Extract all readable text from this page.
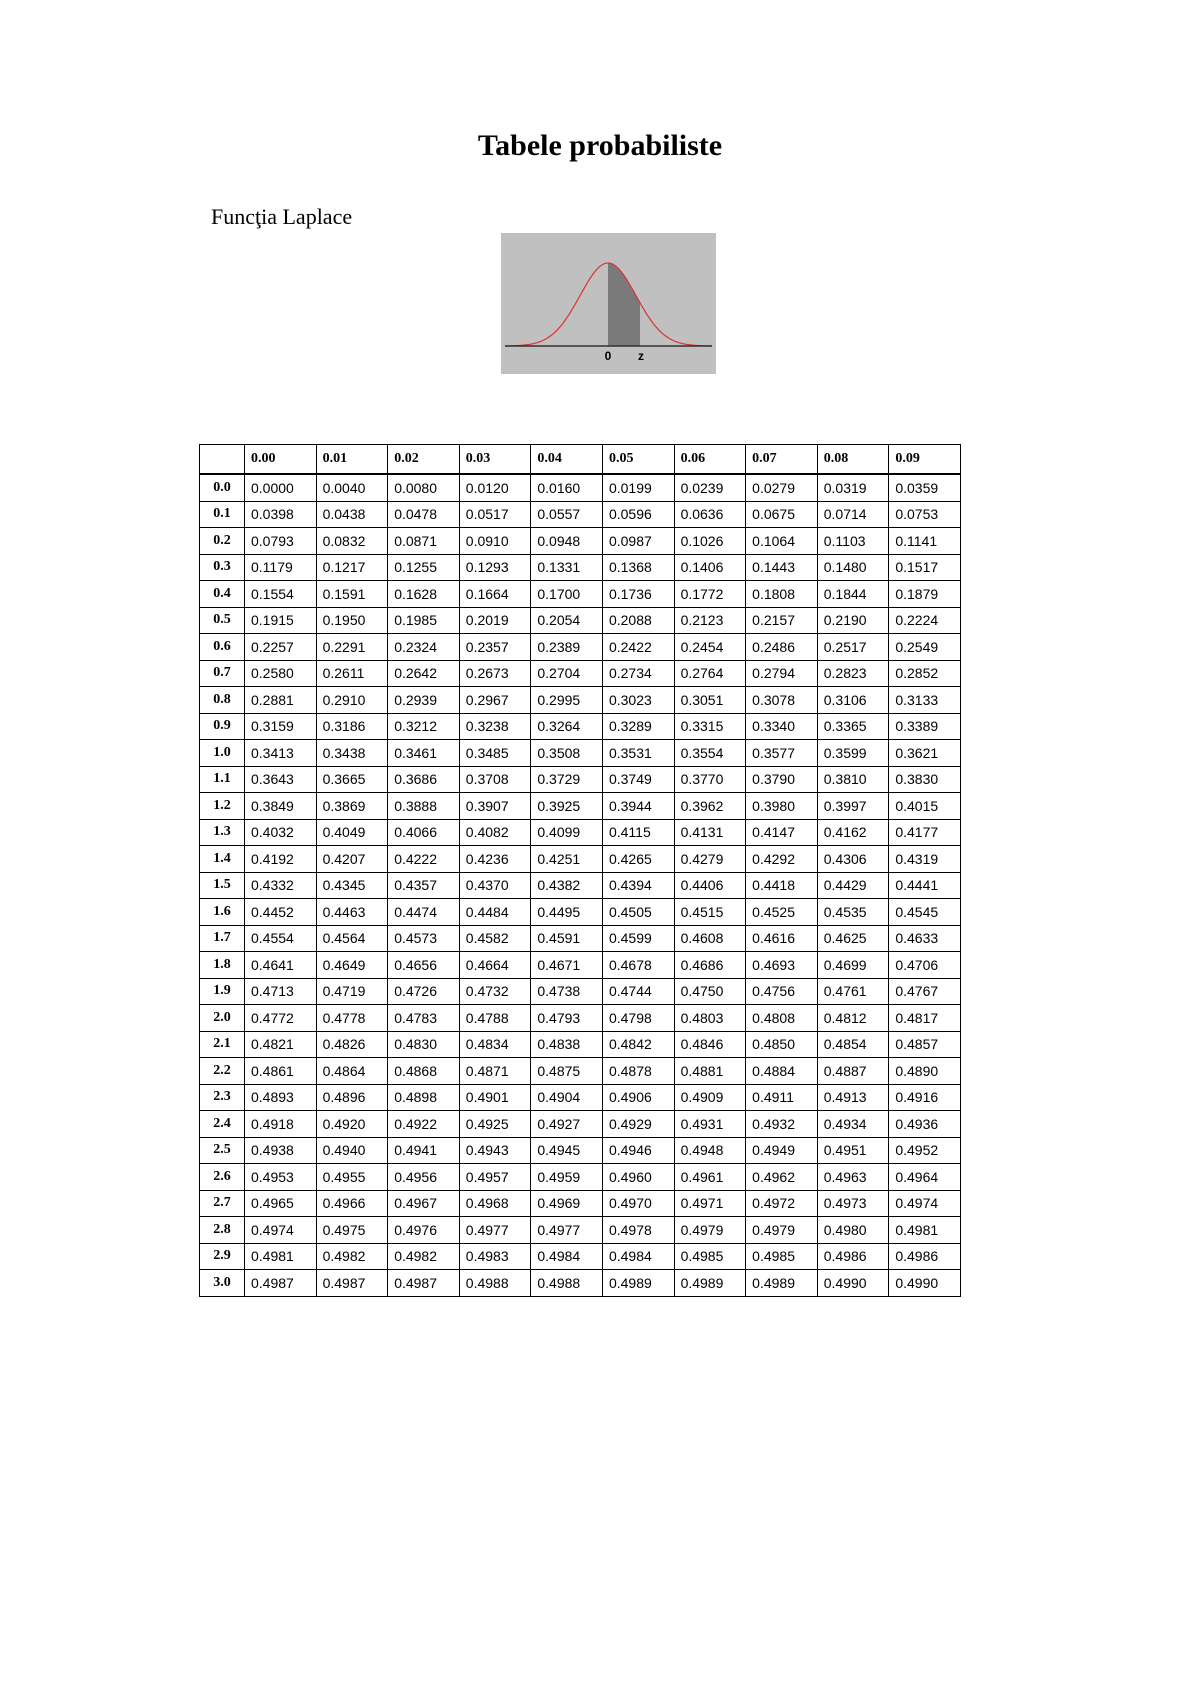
Tabele probabiliste
Funcţia Laplace
0 z
	0.00	0.01	0.02	0.03	0.04	0.05	0.06	0.07	0.08	0.09
0.0	0.0000	0.0040	0.0080	0.0120	0.0160	0.0199	0.0239	0.0279	0.0319	0.0359
0.1	0.0398	0.0438	0.0478	0.0517	0.0557	0.0596	0.0636	0.0675	0.0714	0.0753
0.2	0.0793	0.0832	0.0871	0.0910	0.0948	0.0987	0.1026	0.1064	0.1103	0.1141
0.3	0.1179	0.1217	0.1255	0.1293	0.1331	0.1368	0.1406	0.1443	0.1480	0.1517
0.4	0.1554	0.1591	0.1628	0.1664	0.1700	0.1736	0.1772	0.1808	0.1844	0.1879
0.5	0.1915	0.1950	0.1985	0.2019	0.2054	0.2088	0.2123	0.2157	0.2190	0.2224
0.6	0.2257	0.2291	0.2324	0.2357	0.2389	0.2422	0.2454	0.2486	0.2517	0.2549
0.7	0.2580	0.2611	0.2642	0.2673	0.2704	0.2734	0.2764	0.2794	0.2823	0.2852
0.8	0.2881	0.2910	0.2939	0.2967	0.2995	0.3023	0.3051	0.3078	0.3106	0.3133
0.9	0.3159	0.3186	0.3212	0.3238	0.3264	0.3289	0.3315	0.3340	0.3365	0.3389
1.0	0.3413	0.3438	0.3461	0.3485	0.3508	0.3531	0.3554	0.3577	0.3599	0.3621
1.1	0.3643	0.3665	0.3686	0.3708	0.3729	0.3749	0.3770	0.3790	0.3810	0.3830
1.2	0.3849	0.3869	0.3888	0.3907	0.3925	0.3944	0.3962	0.3980	0.3997	0.4015
1.3	0.4032	0.4049	0.4066	0.4082	0.4099	0.4115	0.4131	0.4147	0.4162	0.4177
1.4	0.4192	0.4207	0.4222	0.4236	0.4251	0.4265	0.4279	0.4292	0.4306	0.4319
1.5	0.4332	0.4345	0.4357	0.4370	0.4382	0.4394	0.4406	0.4418	0.4429	0.4441
1.6	0.4452	0.4463	0.4474	0.4484	0.4495	0.4505	0.4515	0.4525	0.4535	0.4545
1.7	0.4554	0.4564	0.4573	0.4582	0.4591	0.4599	0.4608	0.4616	0.4625	0.4633
1.8	0.4641	0.4649	0.4656	0.4664	0.4671	0.4678	0.4686	0.4693	0.4699	0.4706
1.9	0.4713	0.4719	0.4726	0.4732	0.4738	0.4744	0.4750	0.4756	0.4761	0.4767
2.0	0.4772	0.4778	0.4783	0.4788	0.4793	0.4798	0.4803	0.4808	0.4812	0.4817
2.1	0.4821	0.4826	0.4830	0.4834	0.4838	0.4842	0.4846	0.4850	0.4854	0.4857
2.2	0.4861	0.4864	0.4868	0.4871	0.4875	0.4878	0.4881	0.4884	0.4887	0.4890
2.3	0.4893	0.4896	0.4898	0.4901	0.4904	0.4906	0.4909	0.4911	0.4913	0.4916
2.4	0.4918	0.4920	0.4922	0.4925	0.4927	0.4929	0.4931	0.4932	0.4934	0.4936
2.5	0.4938	0.4940	0.4941	0.4943	0.4945	0.4946	0.4948	0.4949	0.4951	0.4952
2.6	0.4953	0.4955	0.4956	0.4957	0.4959	0.4960	0.4961	0.4962	0.4963	0.4964
2.7	0.4965	0.4966	0.4967	0.4968	0.4969	0.4970	0.4971	0.4972	0.4973	0.4974
2.8	0.4974	0.4975	0.4976	0.4977	0.4977	0.4978	0.4979	0.4979	0.4980	0.4981
2.9	0.4981	0.4982	0.4982	0.4983	0.4984	0.4984	0.4985	0.4985	0.4986	0.4986
3.0	0.4987	0.4987	0.4987	0.4988	0.4988	0.4989	0.4989	0.4989	0.4990	0.4990
